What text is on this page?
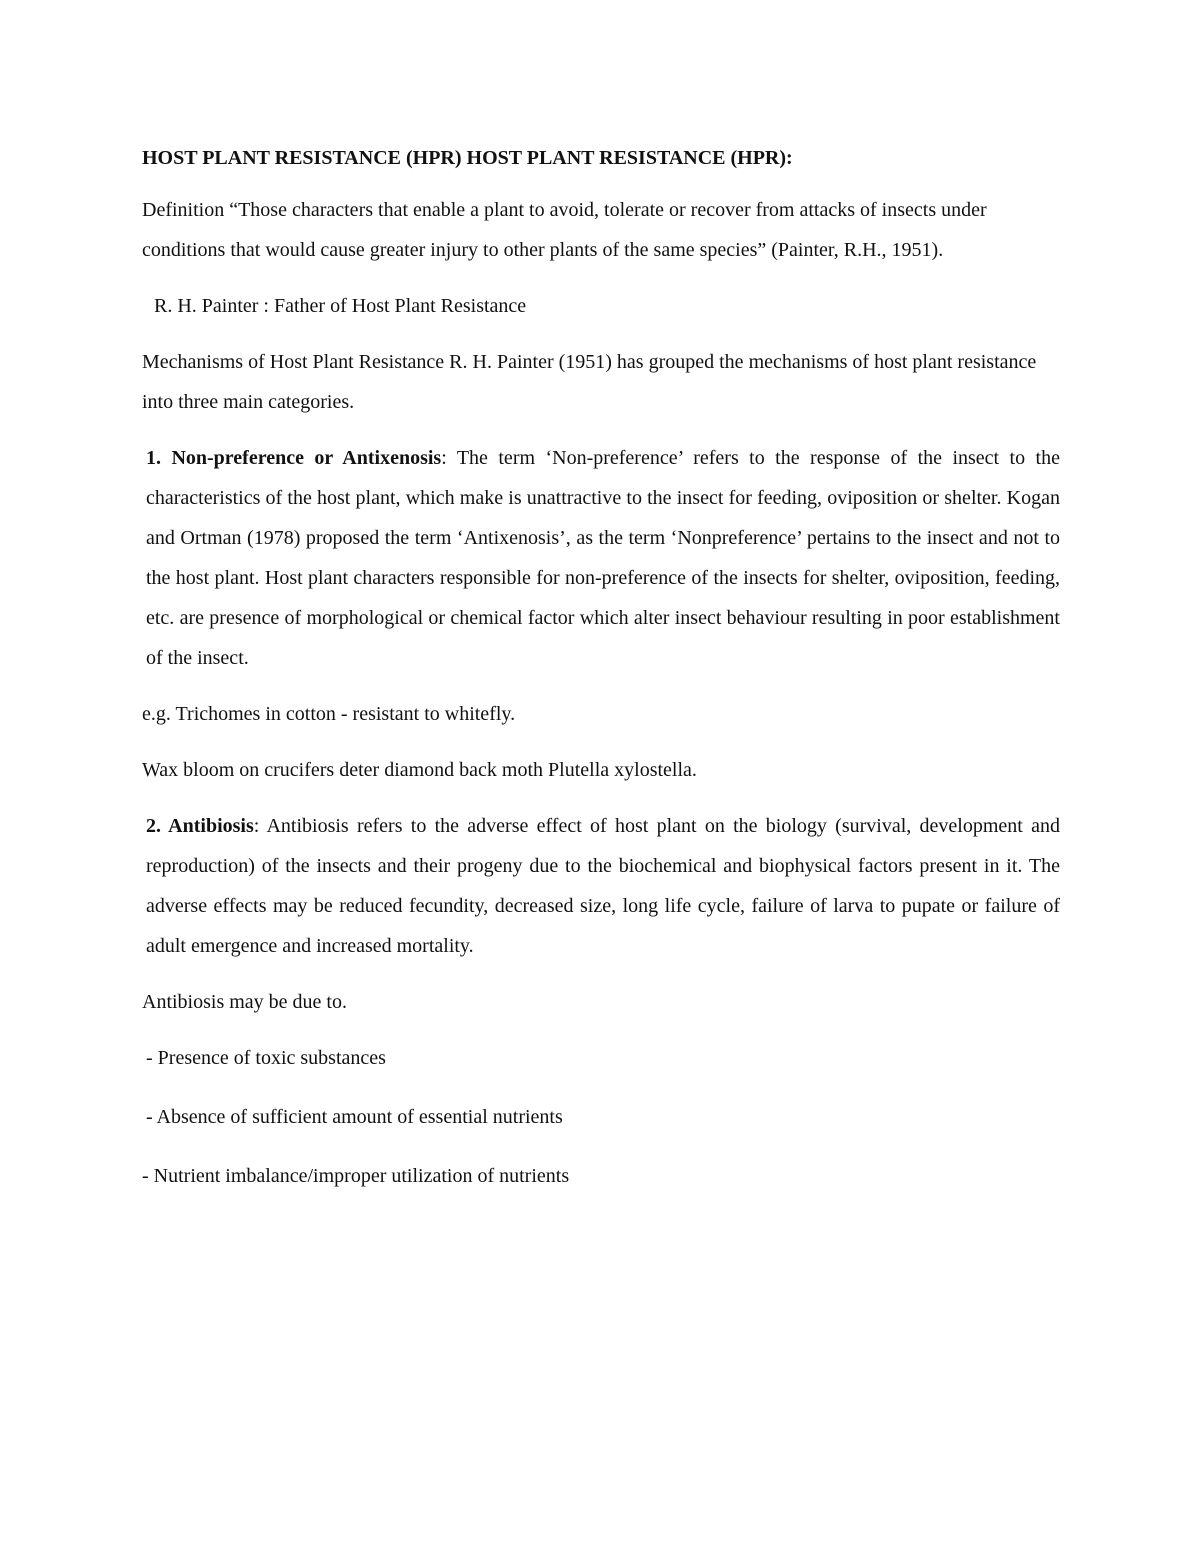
HOST PLANT RESISTANCE (HPR) HOST PLANT RESISTANCE (HPR):

Definition “Those characters that enable a plant to avoid, tolerate or recover from attacks of insects under conditions that would cause greater injury to other plants of the same species” (Painter, R.H., 1951).

R. H. Painter : Father of Host Plant Resistance

Mechanisms of Host Plant Resistance R. H. Painter (1951) has grouped the mechanisms of host plant resistance into three main categories.

1. Non-preference or Antixenosis: The term ‘Non-preference’ refers to the response of the insect to the characteristics of the host plant, which make is unattractive to the insect for feeding, oviposition or shelter. Kogan and Ortman (1978) proposed the term ‘Antixenosis’, as the term ‘Nonpreference’ pertains to the insect and not to the host plant. Host plant characters responsible for non-preference of the insects for shelter, oviposition, feeding, etc. are presence of morphological or chemical factor which alter insect behaviour resulting in poor establishment of the insect.

e.g. Trichomes in cotton - resistant to whitefly.

Wax bloom on crucifers deter diamond back moth Plutella xylostella.

2. Antibiosis: Antibiosis refers to the adverse effect of host plant on the biology (survival, development and reproduction) of the insects and their progeny due to the biochemical and biophysical factors present in it. The adverse effects may be reduced fecundity, decreased size, long life cycle, failure of larva to pupate or failure of adult emergence and increased mortality.

Antibiosis may be due to.

- Presence of toxic substances
- Absence of sufficient amount of essential nutrients
- Nutrient imbalance/improper utilization of nutrients
